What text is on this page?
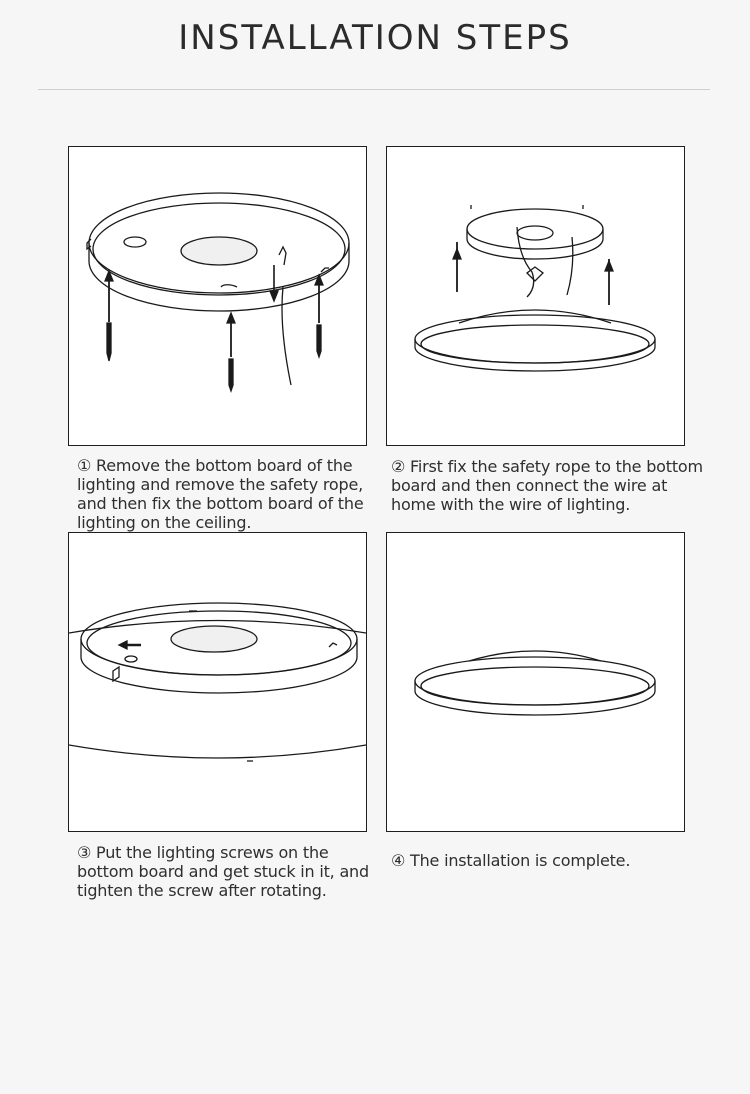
INSTALLATION STEPS
① Remove the bottom board of the lighting and remove the safety rope, and then fix the bottom board of the lighting on the ceiling.
② First fix the safety rope to the bottom board and then connect the wire at home with the wire of lighting.
③ Put the lighting screws on the bottom board and get stuck in it, and tighten the screw after rotating.
④ The installation is complete.
